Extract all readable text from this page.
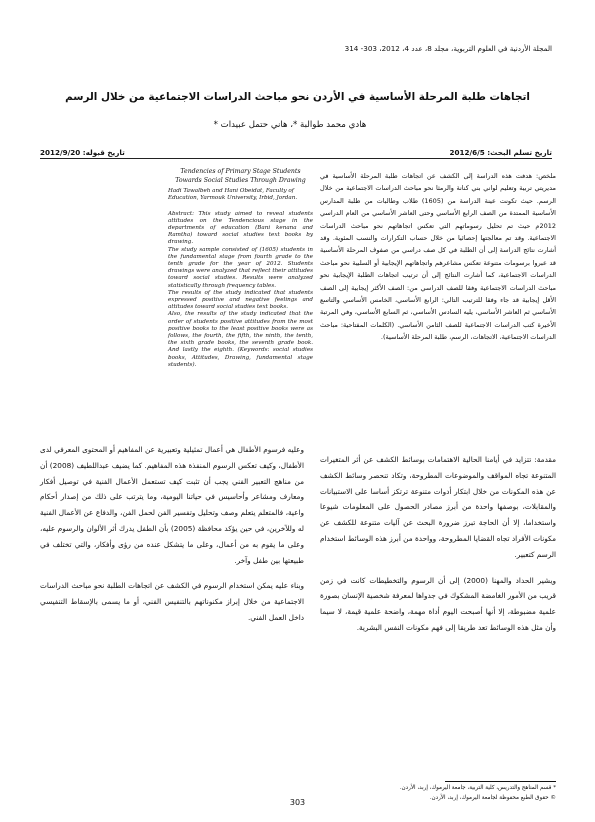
المجلة الأردنية في العلوم التربوية، مجلد 8، عدد 4، 2012، 303- 314
اتجاهات طلبة المرحلة الأساسية في الأردن نحو مباحث الدراسات الاجتماعية من خلال الرسم
هادي محمد طوالبة *، هاني حتمل عبيدات *
تاريخ تسلم البحث: 2012/6/5
تاريخ قبوله: 2012/9/20
ملخص: هدفت هذه الدراسة إلى الكشف عن اتجاهات طلبة المرحلة الأساسية في مديريتي تربية وتعليم لواني بني كنانة والرمثا نحو مباحث الدراسات الاجتماعية من خلال الرسم. حيث تكونت عينة الدراسة من (1605) طلاب وطالبات من طلبة المدارس الأساسية الممتدة من الصف الرابع الأساسي وحتى العاشر الأساسي من العام الدراسي 2012م حيث تم تحليل رسوماتهم التي تعكس اتجاهاتهم نحو مباحث الدراسات الاجتماعية. وقد تم معالجتها إحصائيا من خلال حساب التكرارات والنسب المئوية. وقد أشارت نتائج الدراسة إلى أن الطلبة في كل صف دراسي من صفوف المرحلة الأساسية قد عبروا برسومات متنوعة تعكس مشاعرهم واتجاهاتهم الإيجابية أو السلبية نحو مباحث الدراسات الاجتماعية، كما أشارت النتائج إلى أن ترتيب اتجاهات الطلبة الإيجابية نحو مباحث الدراسات الاجتماعية وفقا للصف الدراسي من: الصف الأكثر إيجابية إلى الصف الأقل إيجابية قد جاء وفقا للترتيب التالي: الرابع الأساسي، الخامس الأساسي والتاسع الأساسي ثم العاشر الأساسي، يليه السادس الأساسي، ثم السابع الأساسي، وفي المرتبة الأخيرة كتب الدراسات الاجتماعية للصف الثامن الأساسي. (الكلمات المفتاحية: مباحث الدراسات الاجتماعية، الاتجاهات، الرسم، طلبة المرحلة الأساسية).
Tendencies of Primary Stage Students Towards Social Studies Through Drawing
Hadi Tawalbeh and Hani Obeidat, Faculty of Education, Yarmouk University, Irbid, Jordan.

Abstract: This study aimed to reveal students attitudes on the Tendencious stage in the departments of education (Bani kenana and Ramtha) toward social studies text books by drawing.

The study sample consisted of (1605) students in the fundamental stage from fourth grade to the tenth grade for the year of 2012. Students drawings were analyzed that reflect their attitudes toward social studies. Results were analyzed statistically through frequency tables.

The results of the study indicated that students expressed positive and negative feelings and attitudes toward social studies text books.

Also, the results of the study indicated that the order of students positive attitudes from the most positive books to the least positive books were as follows, the fourth, the fifth, the ninth, the tenth, the sixth grade books, the seventh grade book. And lastly the eighth. (Keywords: social studies books, Attitudes, Drawing, fundamental stage students).

مقدمة: تتزايد في أيامنا الحالية الاهتمامات بوسائط الكشف عن أثر المتغيرات المتنوعة تجاه المواقف والموضوعات المطروحة، وتكاد تنحصر وسائط الكشف عن هذه المكونات من خلال ابتكار أدوات متنوعة ترتكز أساسا على الاستبيانات والمقابلات، بوصفها واحدة من أبرز مصادر الحصول على المعلومات شيوعا واستخداما، إلا أن الحاجة تبرز ضرورة البحث عن آليات متنوعة للكشف عن مكونات الأفراد تجاه القضايا المطروحة، وواحدة من أبرز هذه الوسائط استخدام الرسم كتعبير.

ويشير الحداد والمهنا (2000) إلى أن الرسوم والتخطيطات كانت في زمن قريب من الأمور الغامضة المشكوك في جدواها لمعرفة شخصية الإنسان بصورة علمية مضبوطة، إلا أنها أصبحت اليوم أداة مهمة، واضحة علمية قيمة، لا سيما وأن مثل هذه الوسائط تعد طريقا إلى فهم مكونات النفس البشرية.

وعليه فرسوم الأطفال هي أعمال تمثيلية وتعبيرية عن المفاهيم أو المحتوى المعرفي لدى الأطفال، وكيف تعكس الرسوم المنفذة هذه المفاهيم. كما يضيف عبداللطيف (2008) أن من مناهج التعبير الفني يجب أن تثبت كيف تستعمل الأعمال الفنية في توصيل أفكار ومعارف ومشاعر وأحاسيس في حياتنا اليومية، وما يترتب على ذلك من إصدار أحكام واعية، فالمتعلم يتعلم وصف وتحليل وتفسير الفن لحمل الفن، والدفاع عن الأعمال الفنية له وللآخرين، في حين يؤكد محافظة (2005) بأن الطفل يدرك أثر الألوان والرسوم عليه، وعلى ما يقوم به من أعمال، وعلى ما يتشكل عنده من رؤى وأفكار، والتي تختلف في طبيعتها بين طفل وآخر.

وبناء عليه يمكن استخدام الرسوم في الكشف عن اتجاهات الطلبة نحو مباحث الدراسات الاجتماعية من خلال إبراز مكنوناتهم بالتنفيس الفني، أو ما يسمى بالإسقاط التنفيسي داخل العمل الفني.

* قسم المناهج والتدريس، كلية التربية، جامعة اليرموك، إربد، الأردن.
© حقوق الطبع محفوظة لجامعة اليرموك، إربد، الأردن.
303
